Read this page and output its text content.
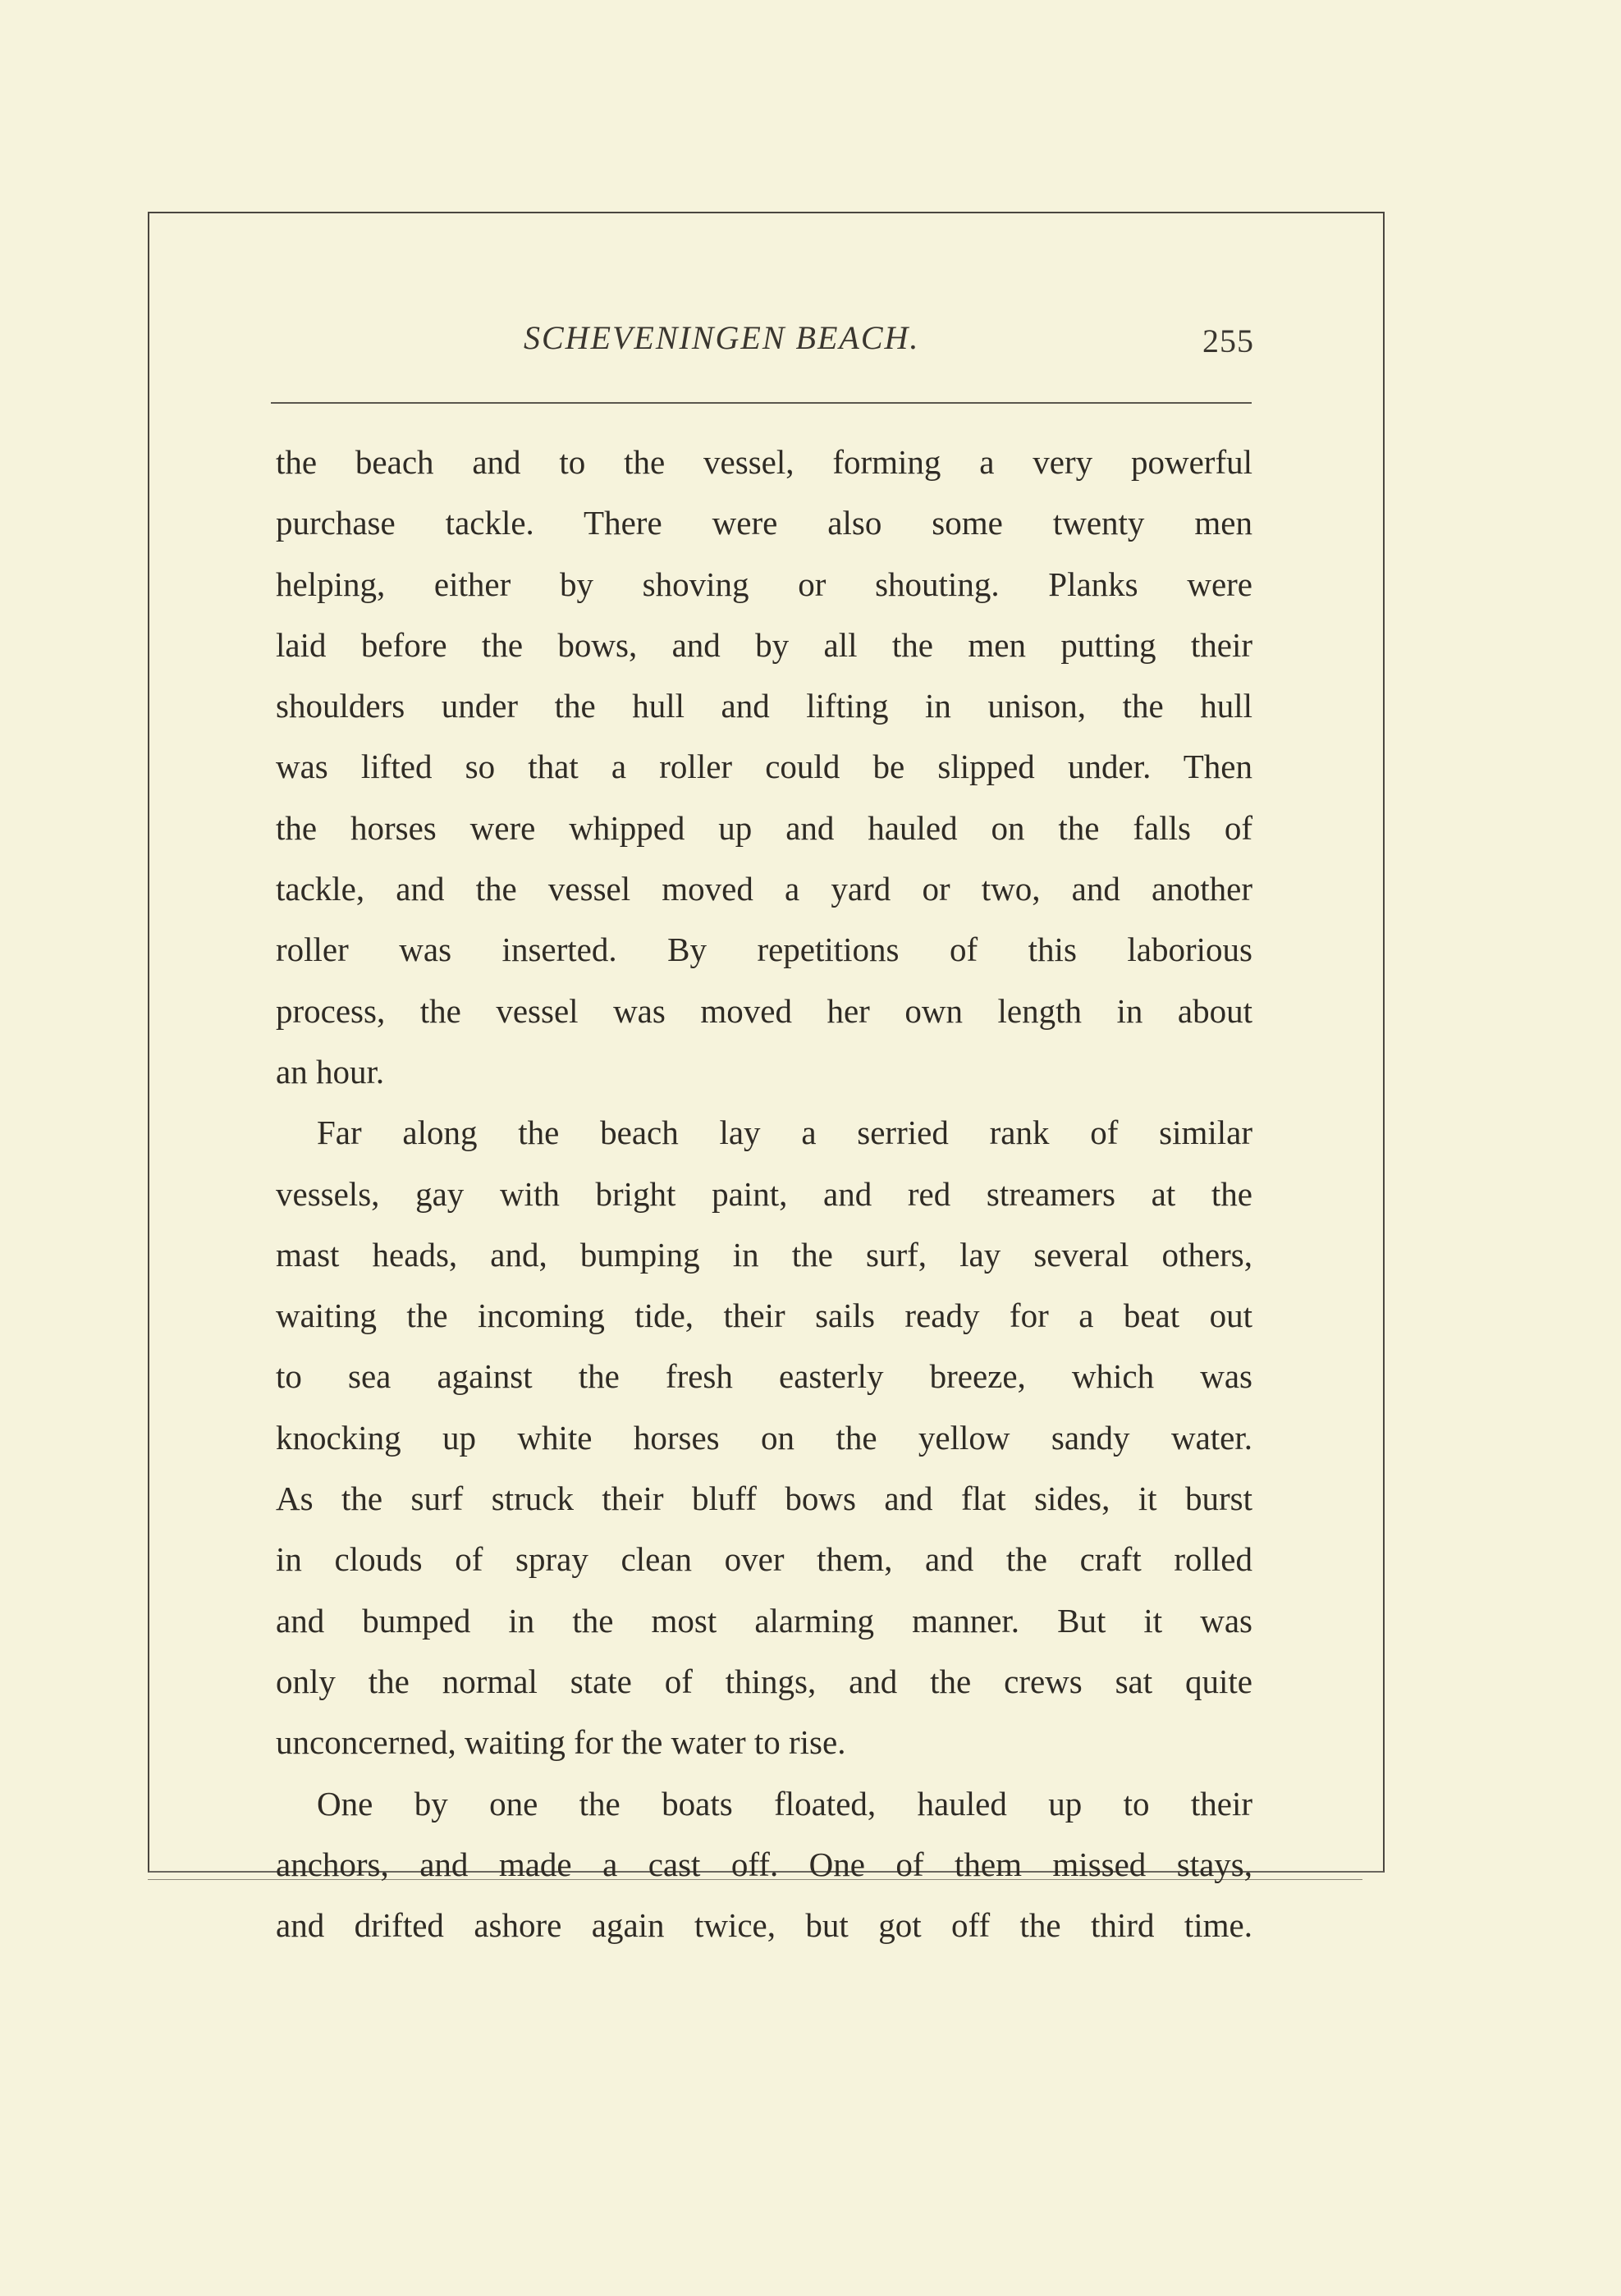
SCHEVENINGEN BEACH.	255
the beach and to the vessel, forming a very powerful
purchase tackle. There were also some twenty men
helping, either by shoving or shouting. Planks were
laid before the bows, and by all the men putting their
shoulders under the hull and lifting in unison, the hull
was lifted so that a roller could be slipped under. Then
the horses were whipped up and hauled on the falls of
tackle, and the vessel moved a yard or two, and another
roller was inserted. By repetitions of this laborious
process, the vessel was moved her own length in about
an hour.
Far along the beach lay a serried rank of similar
vessels, gay with bright paint, and red streamers at the
mast heads, and, bumping in the surf, lay several others,
waiting the incoming tide, their sails ready for a beat out
to sea against the fresh easterly breeze, which was
knocking up white horses on the yellow sandy water.
As the surf struck their bluff bows and flat sides, it burst
in clouds of spray clean over them, and the craft rolled
and bumped in the most alarming manner. But it was
only the normal state of things, and the crews sat quite
unconcerned, waiting for the water to rise.
One by one the boats floated, hauled up to their
anchors, and made a cast off. One of them missed stays,
and drifted ashore again twice, but got off the third time.
